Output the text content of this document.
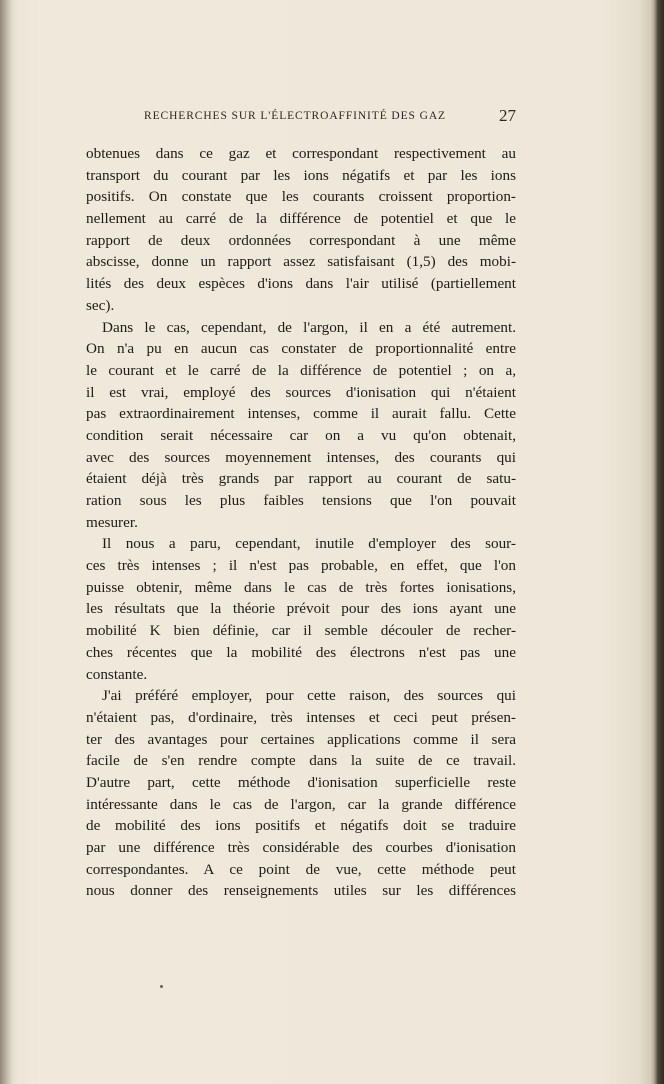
RECHERCHES SUR L'ÉLECTROAFFINITÉ DES GAZ	27
obtenues dans ce gaz et correspondant respectivement au
transport du courant par les ions négatifs et par les ions
positifs. On constate que les courants croissent proportion-
nellement au carré de la différence de potentiel et que le
rapport de deux ordonnées correspondant à une même
abscisse, donne un rapport assez satisfaisant (1,5) des mobi-
lités des deux espèces d'ions dans l'air utilisé (partiellement
sec).
Dans le cas, cependant, de l'argon, il en a été autrement.
On n'a pu en aucun cas constater de proportionnalité entre
le courant et le carré de la différence de potentiel ; on a,
il est vrai, employé des sources d'ionisation qui n'étaient
pas extraordinairement intenses, comme il aurait fallu. Cette
condition serait nécessaire car on a vu qu'on obtenait,
avec des sources moyennement intenses, des courants qui
étaient déjà très grands par rapport au courant de satu-
ration sous les plus faibles tensions que l'on pouvait
mesurer.
Il nous a paru, cependant, inutile d'employer des sour-
ces très intenses ; il n'est pas probable, en effet, que l'on
puisse obtenir, même dans le cas de très fortes ionisations,
les résultats que la théorie prévoit pour des ions ayant une
mobilité K bien définie, car il semble découler de recher-
ches récentes que la mobilité des électrons n'est pas une
constante.
J'ai préféré employer, pour cette raison, des sources qui
n'étaient pas, d'ordinaire, très intenses et ceci peut présen-
ter des avantages pour certaines applications comme il sera
facile de s'en rendre compte dans la suite de ce travail.
D'autre part, cette méthode d'ionisation superficielle reste
intéressante dans le cas de l'argon, car la grande différence
de mobilité des ions positifs et négatifs doit se traduire
par une différence très considérable des courbes d'ionisation
correspondantes. A ce point de vue, cette méthode peut
nous donner des renseignements utiles sur les différences
